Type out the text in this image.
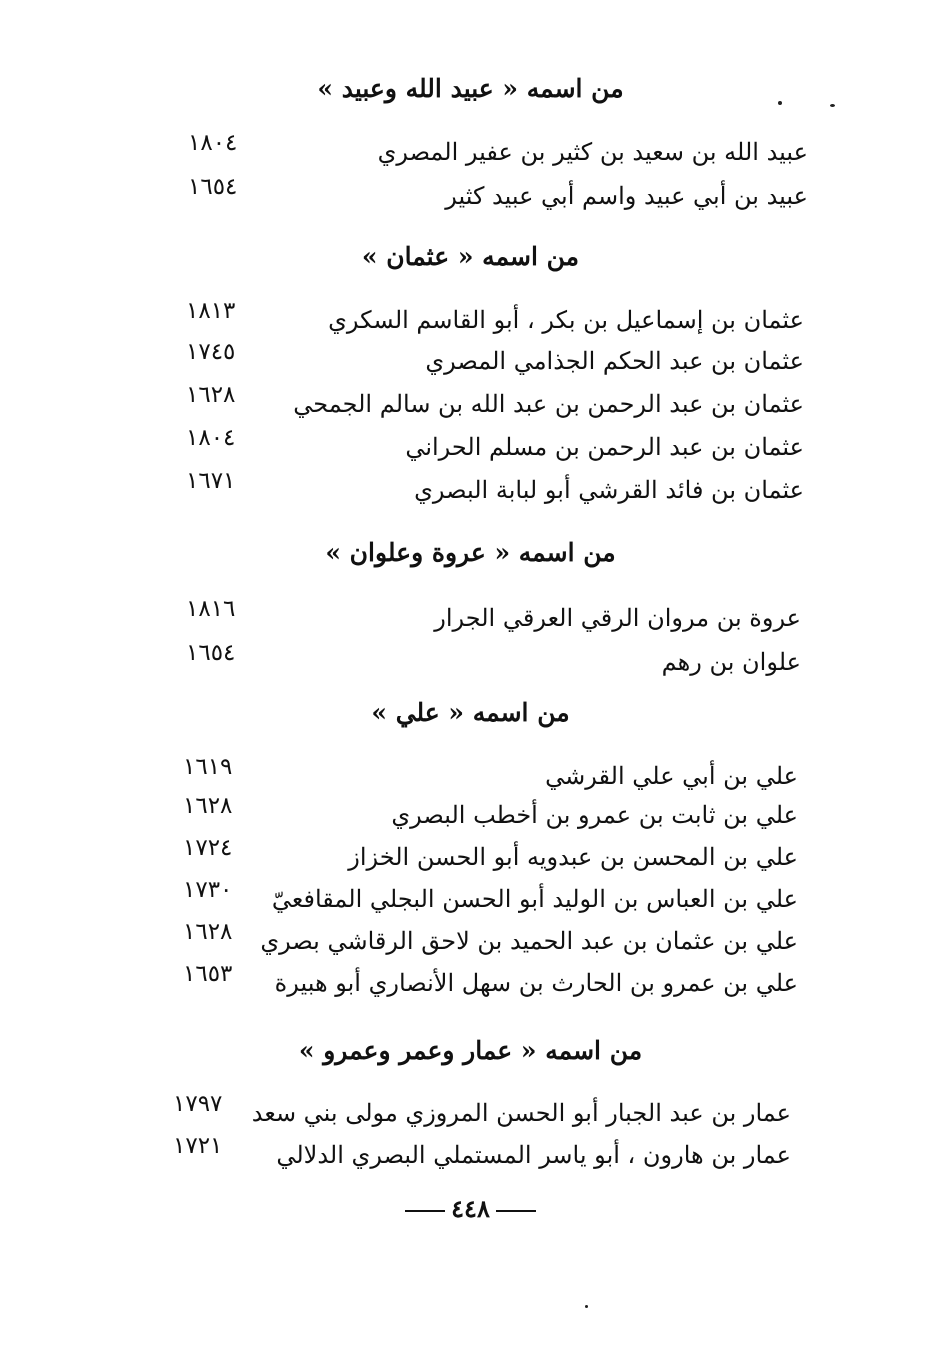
من اسمه « عبيد الله وعبيد »
عبيد الله بن سعيد بن كثير بن عفير المصري
١٨٠٤
عبيد بن أبي عبيد واسم أبي عبيد كثير
١٦٥٤
من اسمه « عثمان »
عثمان بن إسماعيل بن بكر ، أبو القاسم السكري
١٨١٣
عثمان بن عبد الحكم الجذامي المصري
١٧٤٥
عثمان بن عبد الرحمن بن عبد الله بن سالم الجمحي
١٦٢٨
عثمان بن عبد الرحمن بن مسلم الحراني
١٨٠٤
عثمان بن فائد القرشي أبو لبابة البصري
١٦٧١
من اسمه « عروة وعلوان »
عروة بن مروان الرقي العرقي الجرار
١٨١٦
علوان بن رهم
١٦٥٤
من اسمه « علي »
علي بن أبي علي القرشي
١٦١٩
علي بن ثابت بن عمرو بن أخطب البصري
١٦٢٨
علي بن المحسن بن عبدويه أبو الحسن الخزاز
١٧٢٤
علي بن العباس بن الوليد أبو الحسن البجلي المقافعيّ
١٧٣٠
علي بن عثمان بن عبد الحميد بن لاحق الرقاشي بصري
١٦٢٨
علي بن عمرو بن الحارث بن سهل الأنصاري أبو هبيرة
١٦٥٣
من اسمه « عمار وعمر وعمرو »
عمار بن عبد الجبار أبو الحسن المروزي مولى بني سعد
١٧٩٧
عمار بن هارون ، أبو ياسر المستملي البصري الدلالي
١٧٢١
٤٤٨
